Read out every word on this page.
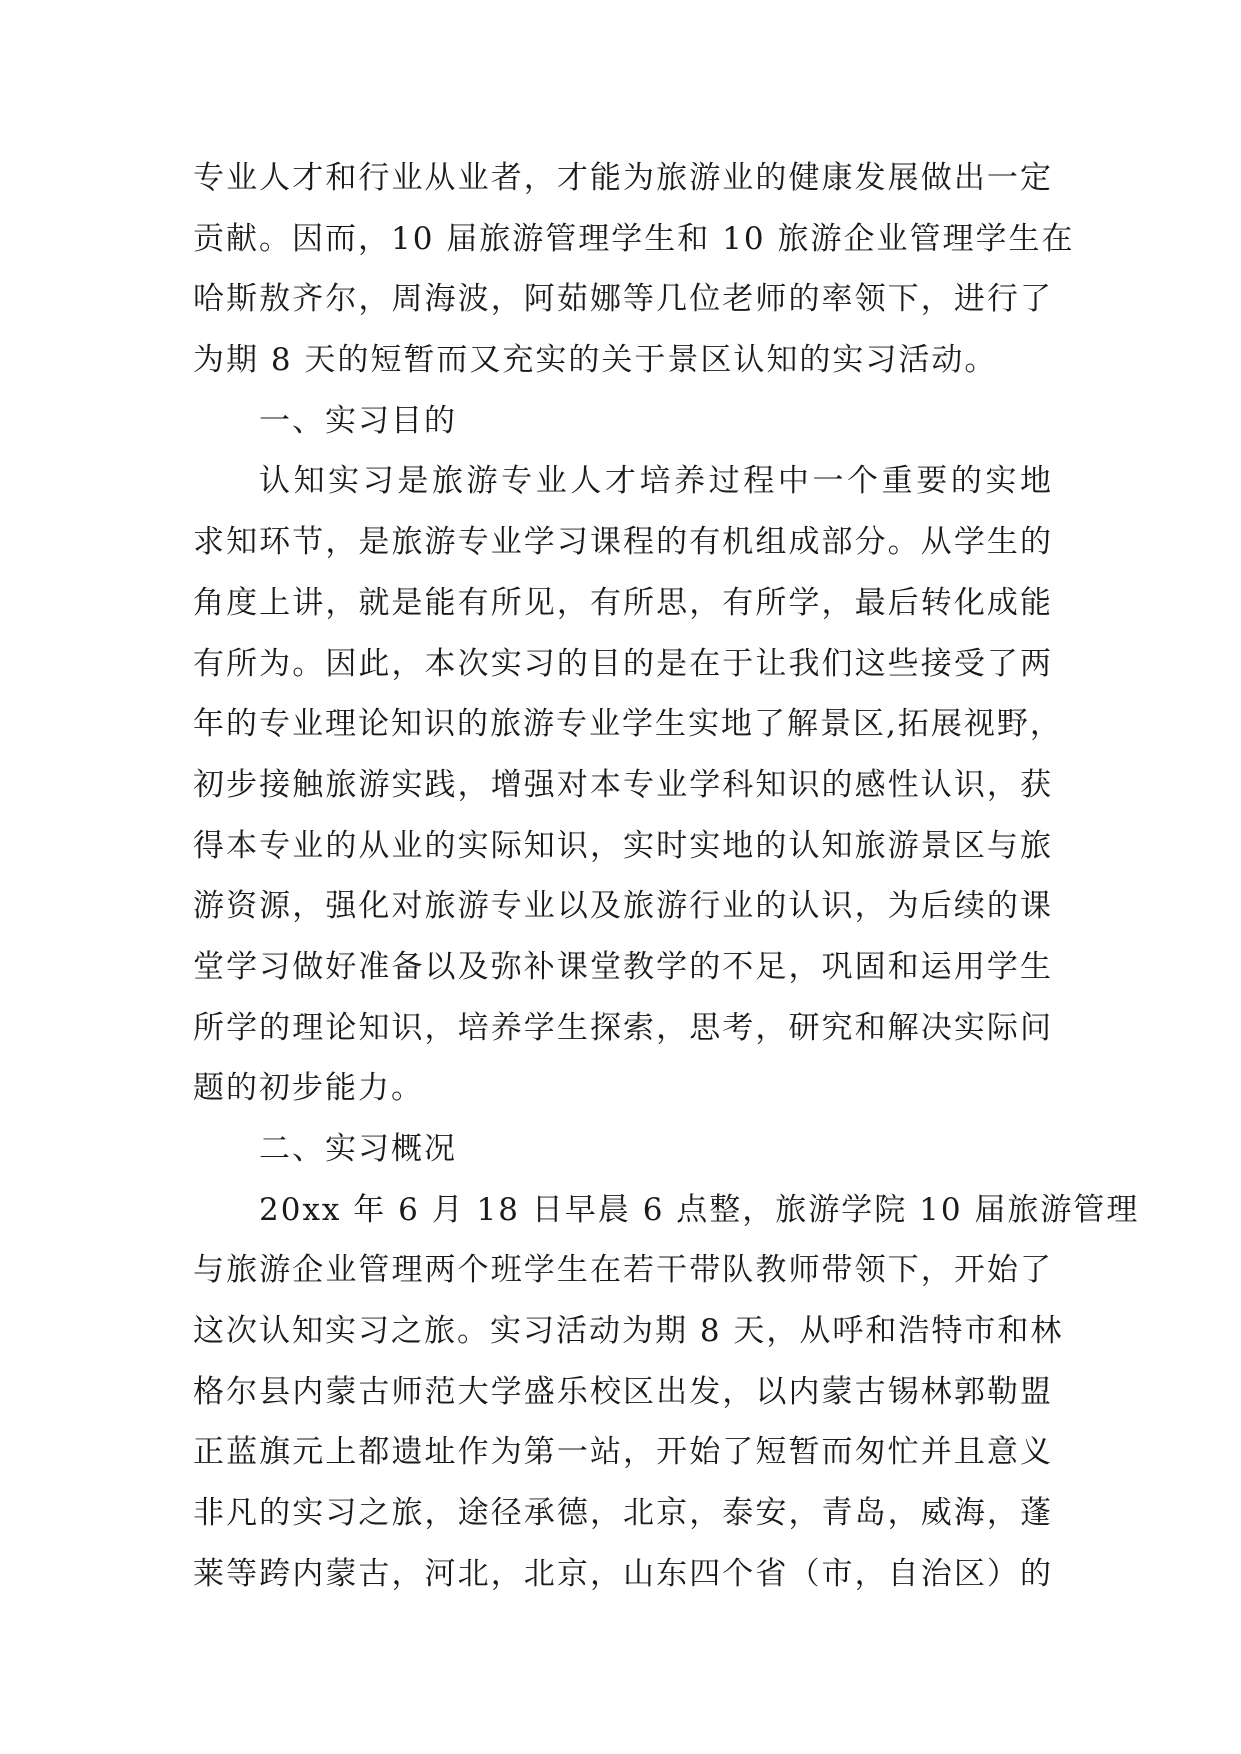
专业人才和行业从业者，才能为旅游业的健康发展做出一定
贡献。因而，10 届旅游管理学生和 10 旅游企业管理学生在
哈斯敖齐尔，周海波，阿茹娜等几位老师的率领下，进行了
为期 8 天的短暂而又充实的关于景区认知的实习活动。
一、实习目的
认知实习是旅游专业人才培养过程中一个重要的实地
求知环节，是旅游专业学习课程的有机组成部分。从学生的
角度上讲，就是能有所见，有所思，有所学，最后转化成能
有所为。因此，本次实习的目的是在于让我们这些接受了两
年的专业理论知识的旅游专业学生实地了解景区,拓展视野，
初步接触旅游实践，增强对本专业学科知识的感性认识，获
得本专业的从业的实际知识，实时实地的认知旅游景区与旅
游资源，强化对旅游专业以及旅游行业的认识，为后续的课
堂学习做好准备以及弥补课堂教学的不足，巩固和运用学生
所学的理论知识，培养学生探索，思考，研究和解决实际问
题的初步能力。
二、实习概况
20xx 年 6 月 18 日早晨 6 点整，旅游学院 10 届旅游管理
与旅游企业管理两个班学生在若干带队教师带领下，开始了
这次认知实习之旅。实习活动为期 8 天，从呼和浩特市和林
格尔县内蒙古师范大学盛乐校区出发，以内蒙古锡林郭勒盟
正蓝旗元上都遗址作为第一站，开始了短暂而匆忙并且意义
非凡的实习之旅，途径承德，北京，泰安，青岛，威海，蓬
莱等跨内蒙古，河北，北京，山东四个省（市，自治区）的
